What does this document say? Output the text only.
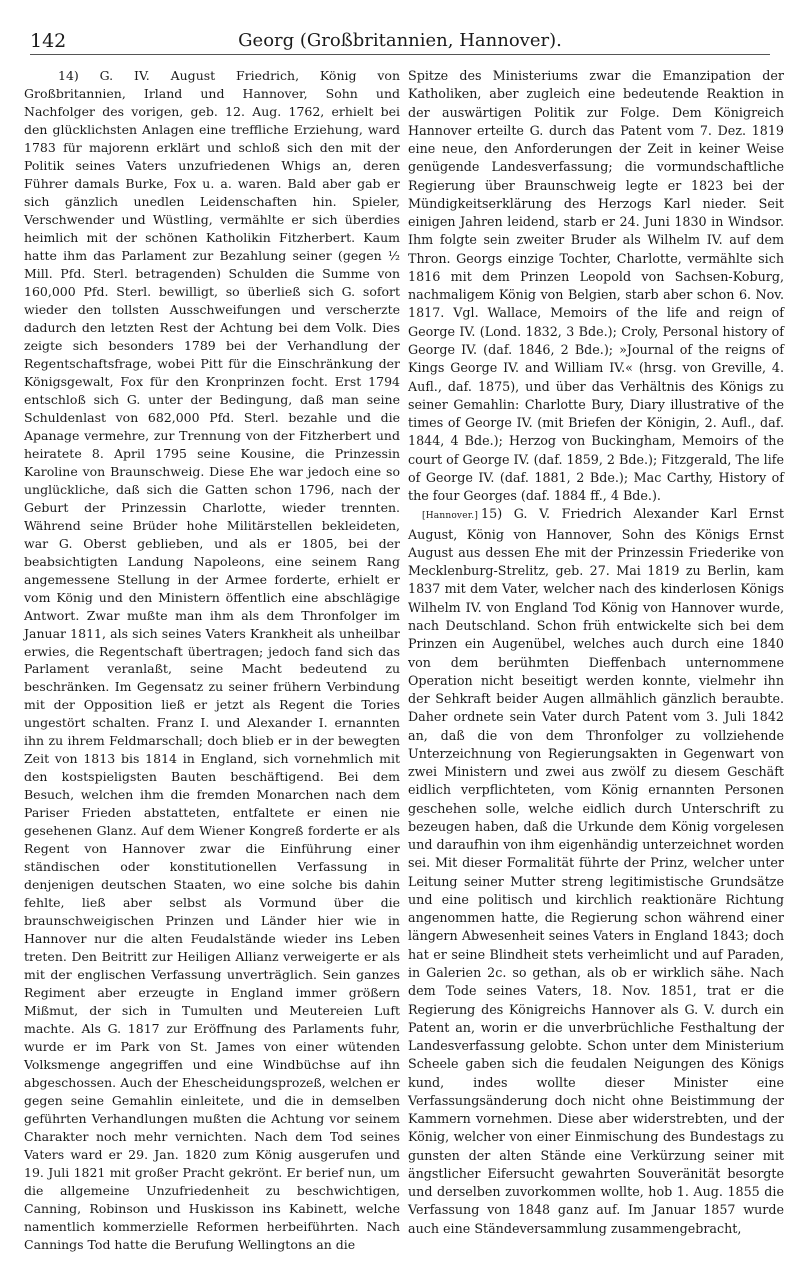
142	Georg (Großbritannien, Hannover).

14) G. IV. August Friedrich, König von Großbritannien, Irland und Hannover, Sohn und Nachfolger des vorigen, geb. 12. Aug. 1762, erhielt bei den glücklichsten Anlagen eine treffliche Erziehung, ward 1783 für majorenn erklärt und schloß sich den mit der Politik seines Vaters unzufriedenen Whigs an, deren Führer damals Burke, Fox u. a. waren. Bald aber gab er sich gänzlich unedlen Leidenschaften hin. Spieler, Verschwender und Wüstling, vermählte er sich überdies heimlich mit der schönen Katholikin Fitzherbert. Kaum hatte ihm das Parlament zur Bezahlung seiner (gegen ½ Mill. Pfd. Sterl. betragenden) Schulden die Summe von 160,000 Pfd. Sterl. bewilligt, so überließ sich G. sofort wieder den tollsten Ausschweifungen und verscherzte dadurch den letzten Rest der Achtung bei dem Volk. Dies zeigte sich besonders 1789 bei der Verhandlung der Regentschaftsfrage, wobei Pitt für die Einschränkung der Königsgewalt, Fox für den Kronprinzen focht. Erst 1794 entschloß sich G. unter der Bedingung, daß man seine Schuldenlast von 682,000 Pfd. Sterl. bezahle und die Apanage vermehre, zur Trennung von der Fitzherbert und heiratete 8. April 1795 seine Kousine, die Prinzessin Karoline von Braunschweig. Diese Ehe war jedoch eine so unglückliche, daß sich die Gatten schon 1796, nach der Geburt der Prinzessin Charlotte, wieder trennten. Während seine Brüder hohe Militärstellen bekleideten, war G. Oberst geblieben, und als er 1805, bei der beabsichtigten Landung Napoleons, eine seinem Rang angemessene Stellung in der Armee forderte, erhielt er vom König und den Ministern öffentlich eine abschlägige Antwort. Zwar mußte man ihm als dem Thronfolger im Januar 1811, als sich seines Vaters Krankheit als unheilbar erwies, die Regentschaft übertragen; jedoch fand sich das Parlament veranlaßt, seine Macht bedeutend zu beschränken. Im Gegensatz zu seiner frühern Verbindung mit der Opposition ließ er jetzt als Regent die Tories ungestört schalten. Franz I. und Alexander I. ernannten ihn zu ihrem Feldmarschall; doch blieb er in der bewegten Zeit von 1813 bis 1814 in England, sich vornehmlich mit den kostspieligsten Bauten beschäftigend. Bei dem Besuch, welchen ihm die fremden Monarchen nach dem Pariser Frieden abstatteten, entfaltete er einen nie gesehenen Glanz. Auf dem Wiener Kongreß forderte er als Regent von Hannover zwar die Einführung einer ständischen oder konstitutionellen Verfassung in denjenigen deutschen Staaten, wo eine solche bis dahin fehlte, ließ aber selbst als Vormund über die braunschweigischen Prinzen und Länder hier wie in Hannover nur die alten Feudalstände wieder ins Leben treten. Den Beitritt zur Heiligen Allianz verweigerte er als mit der englischen Verfassung unverträglich. Sein ganzes Regiment aber erzeugte in England immer größern Mißmut, der sich in Tumulten und Meutereien Luft machte. Als G. 1817 zur Eröffnung des Parlaments fuhr, wurde er im Park von St. James von einer wütenden Volksmenge angegriffen und eine Windbüchse auf ihn abgeschossen. Auch der Ehescheidungsprozeß, welchen er gegen seine Gemahlin einleitete, und die in demselben geführten Verhandlungen mußten die Achtung vor seinem Charakter noch mehr vernichten. Nach dem Tod seines Vaters ward er 29. Jan. 1820 zum König ausgerufen und 19. Juli 1821 mit großer Pracht gekrönt. Er berief nun, um die allgemeine Unzufriedenheit zu beschwichtigen, Canning, Robinson und Huskisson ins Kabinett, welche namentlich kommerzielle Reformen herbeiführten. Nach Cannings Tod hatte die Berufung Wellingtons an die

Spitze des Ministeriums zwar die Emanzipation der Katholiken, aber zugleich eine bedeutende Reaktion in der auswärtigen Politik zur Folge. Dem Königreich Hannover erteilte G. durch das Patent vom 7. Dez. 1819 eine neue, den Anforderungen der Zeit in keiner Weise genügende Landesverfassung; die vormundschaftliche Regierung über Braunschweig legte er 1823 bei der Mündigkeitserklärung des Herzogs Karl nieder. Seit einigen Jahren leidend, starb er 24. Juni 1830 in Windsor. Ihm folgte sein zweiter Bruder als Wilhelm IV. auf dem Thron. Georgs einzige Tochter, Charlotte, vermählte sich 1816 mit dem Prinzen Leopold von Sachsen-Koburg, nachmaligem König von Belgien, starb aber schon 6. Nov. 1817. Vgl. Wallace, Memoirs of the life and reign of George IV. (Lond. 1832, 3 Bde.); Croly, Personal history of George IV. (daf. 1846, 2 Bde.); »Journal of the reigns of Kings George IV. and William IV.« (hrsg. von Greville, 4. Aufl., daf. 1875), und über das Verhältnis des Königs zu seiner Gemahlin: Charlotte Bury, Diary illustrative of the times of George IV. (mit Briefen der Königin, 2. Aufl., daf. 1844, 4 Bde.); Herzog von Buckingham, Memoirs of the court of George IV. (daf. 1859, 2 Bde.); Fitzgerald, The life of George IV. (daf. 1881, 2 Bde.); Mac Carthy, History of the four Georges (daf. 1884 ff., 4 Bde.).

[Hannover.] 15) G. V. Friedrich Alexander Karl Ernst August, König von Hannover, Sohn des Königs Ernst August aus dessen Ehe mit der Prinzessin Friederike von Mecklenburg-Strelitz, geb. 27. Mai 1819 zu Berlin, kam 1837 mit dem Vater, welcher nach des kinderlosen Königs Wilhelm IV. von England Tod König von Hannover wurde, nach Deutschland. Schon früh entwickelte sich bei dem Prinzen ein Augenübel, welches auch durch eine 1840 von dem berühmten Dieffenbach unternommene Operation nicht beseitigt werden konnte, vielmehr ihn der Sehkraft beider Augen allmählich gänzlich beraubte. Daher ordnete sein Vater durch Patent vom 3. Juli 1842 an, daß die von dem Thronfolger zu vollziehende Unterzeichnung von Regierungsakten in Gegenwart von zwei Ministern und zwei aus zwölf zu diesem Geschäft eidlich verpflichteten, vom König ernannten Personen geschehen solle, welche eidlich durch Unterschrift zu bezeugen haben, daß die Urkunde dem König vorgelesen und daraufhin von ihm eigenhändig unterzeichnet worden sei. Mit dieser Formalität führte der Prinz, welcher unter Leitung seiner Mutter streng legitimistische Grundsätze und eine politisch und kirchlich reaktionäre Richtung angenommen hatte, die Regierung schon während einer längern Abwesenheit seines Vaters in England 1843; doch hat er seine Blindheit stets verheimlicht und auf Paraden, in Galerien 2c. so gethan, als ob er wirklich sähe. Nach dem Tode seines Vaters, 18. Nov. 1851, trat er die Regierung des Königreichs Hannover als G. V. durch ein Patent an, worin er die unverbrüchliche Festhaltung der Landesverfassung gelobte. Schon unter dem Ministerium Scheele gaben sich die feudalen Neigungen des Königs kund, indes wollte dieser Minister eine Verfassungsänderung doch nicht ohne Beistimmung der Kammern vornehmen. Diese aber widerstrebten, und der König, welcher von einer Einmischung des Bundestags zu gunsten der alten Stände eine Verkürzung seiner mit ängstlicher Eifersucht gewahrten Souveränität besorgte und derselben zuvorkommen wollte, hob 1. Aug. 1855 die Verfassung von 1848 ganz auf. Im Januar 1857 wurde auch eine Ständeversammlung zusammengebracht,
